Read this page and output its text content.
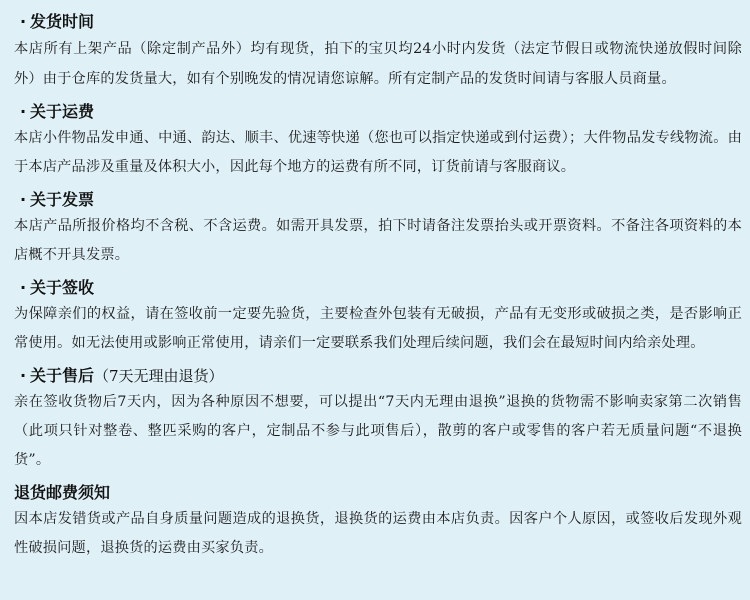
· 发货时间

本店所有上架产品（除定制产品外）均有现货，拍下的宝贝均24小时内发货（法定节假日或物流快递放假时间除外）由于仓库的发货量大，如有个别晚发的情况请您谅解。所有定制产品的发货时间请与客服人员商量。

· 关于运费

本店小件物品发申通、中通、韵达、顺丰、优速等快递（您也可以指定快递或到付运费）；大件物品发专线物流。由于本店产品涉及重量及体积大小，因此每个地方的运费有所不同，订货前请与客服商议。

· 关于发票

本店产品所报价格均不含税、不含运费。如需开具发票，拍下时请备注发票抬头或开票资料。不备注各项资料的本店概不开具发票。

· 关于签收

为保障亲们的权益，请在签收前一定要先验货，主要检查外包装有无破损，产品有无变形或破损之类，是否影响正常使用。如无法使用或影响正常使用，请亲们一定要联系我们处理后续问题，我们会在最短时间内给亲处理。

· 关于售后 （7天无理由退货）

亲在签收货物后7天内，因为各种原因不想要，可以提出“7天内无理由退换”退换的货物需不影响卖家第二次销售（此项只针对整卷、整匹采购的客户，定制品不参与此项售后），散剪的客户或零售的客户若无质量问题“不退换货”。

退货邮费须知

因本店发错货或产品自身质量问题造成的退换货，退换货的运费由本店负责。因客户个人原因，或签收后发现外观性破损问题，退换货的运费由买家负责。
